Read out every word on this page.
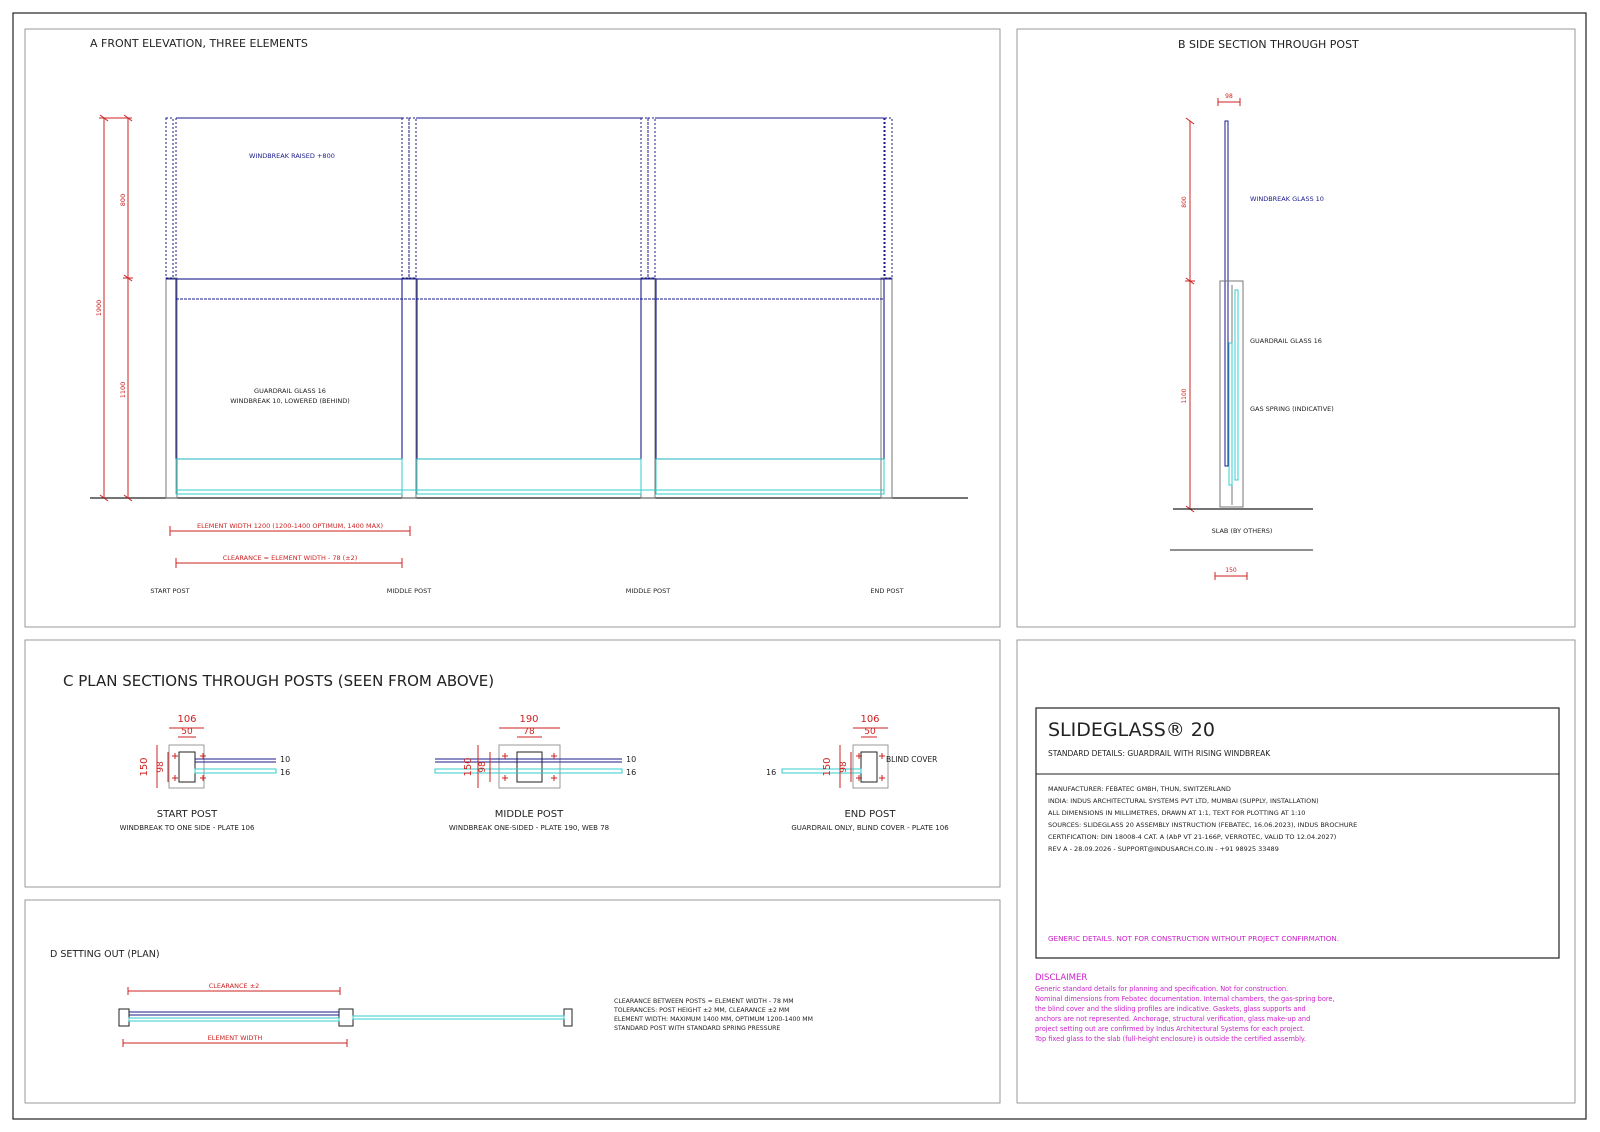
A FRONT ELEVATION, THREE ELEMENTS
WINDBREAK RAISED +800
GUARDRAIL GLASS 16
WINDBREAK 10, LOWERED (BEHIND)
800
1900
1100
ELEMENT WIDTH 1200 (1200-1400 OPTIMUM, 1400 MAX)
CLEARANCE = ELEMENT WIDTH - 78 (±2)
START POST	MIDDLE POST	MIDDLE POST	END POST
B SIDE SECTION THROUGH POST
98
800
1100
WINDBREAK GLASS 10
GUARDRAIL GLASS 16
GAS SPRING (INDICATIVE)
SLAB (BY OTHERS)
150
C PLAN SECTIONS THROUGH POSTS (SEEN FROM ABOVE)
106
50
150 98
10
16
START POST
WINDBREAK TO ONE SIDE - PLATE 106
190
78
150 98
10
16
MIDDLE POST
WINDBREAK ONE-SIDED - PLATE 190, WEB 78
106
50
150 98
16
BLIND COVER
END POST
GUARDRAIL ONLY, BLIND COVER - PLATE 106
D SETTING OUT (PLAN)
CLEARANCE ±2
ELEMENT WIDTH
CLEARANCE BETWEEN POSTS = ELEMENT WIDTH - 78 MM
TOLERANCES: POST HEIGHT ±2 MM, CLEARANCE ±2 MM
ELEMENT WIDTH: MAXIMUM 1400 MM, OPTIMUM 1200-1400 MM
STANDARD POST WITH STANDARD SPRING PRESSURE
SLIDEGLASS® 20
STANDARD DETAILS: GUARDRAIL WITH RISING WINDBREAK
MANUFACTURER: FEBATEC GMBH, THUN, SWITZERLAND
INDIA: INDUS ARCHITECTURAL SYSTEMS PVT LTD, MUMBAI (SUPPLY, INSTALLATION)
ALL DIMENSIONS IN MILLIMETRES, DRAWN AT 1:1, TEXT FOR PLOTTING AT 1:10
SOURCES: SLIDEGLASS 20 ASSEMBLY INSTRUCTION (FEBATEC, 16.06.2023), INDUS BROCHURE
CERTIFICATION: DIN 18008-4 CAT. A (AbP VT 21-166P, VERROTEC, VALID TO 12.04.2027)
REV A - 28.09.2026 - SUPPORT@INDUSARCH.CO.IN - +91 98925 33489
GENERIC DETAILS. NOT FOR CONSTRUCTION WITHOUT PROJECT CONFIRMATION.
DISCLAIMER
Generic standard details for planning and specification. Not for construction.
Nominal dimensions from Febatec documentation. Internal chambers, the gas-spring bore,
the blind cover and the sliding profiles are indicative. Gaskets, glass supports and
anchors are not represented. Anchorage, structural verification, glass make-up and
project setting out are confirmed by Indus Architectural Systems for each project.
Top fixed glass to the slab (full-height enclosure) is outside the certified assembly.
